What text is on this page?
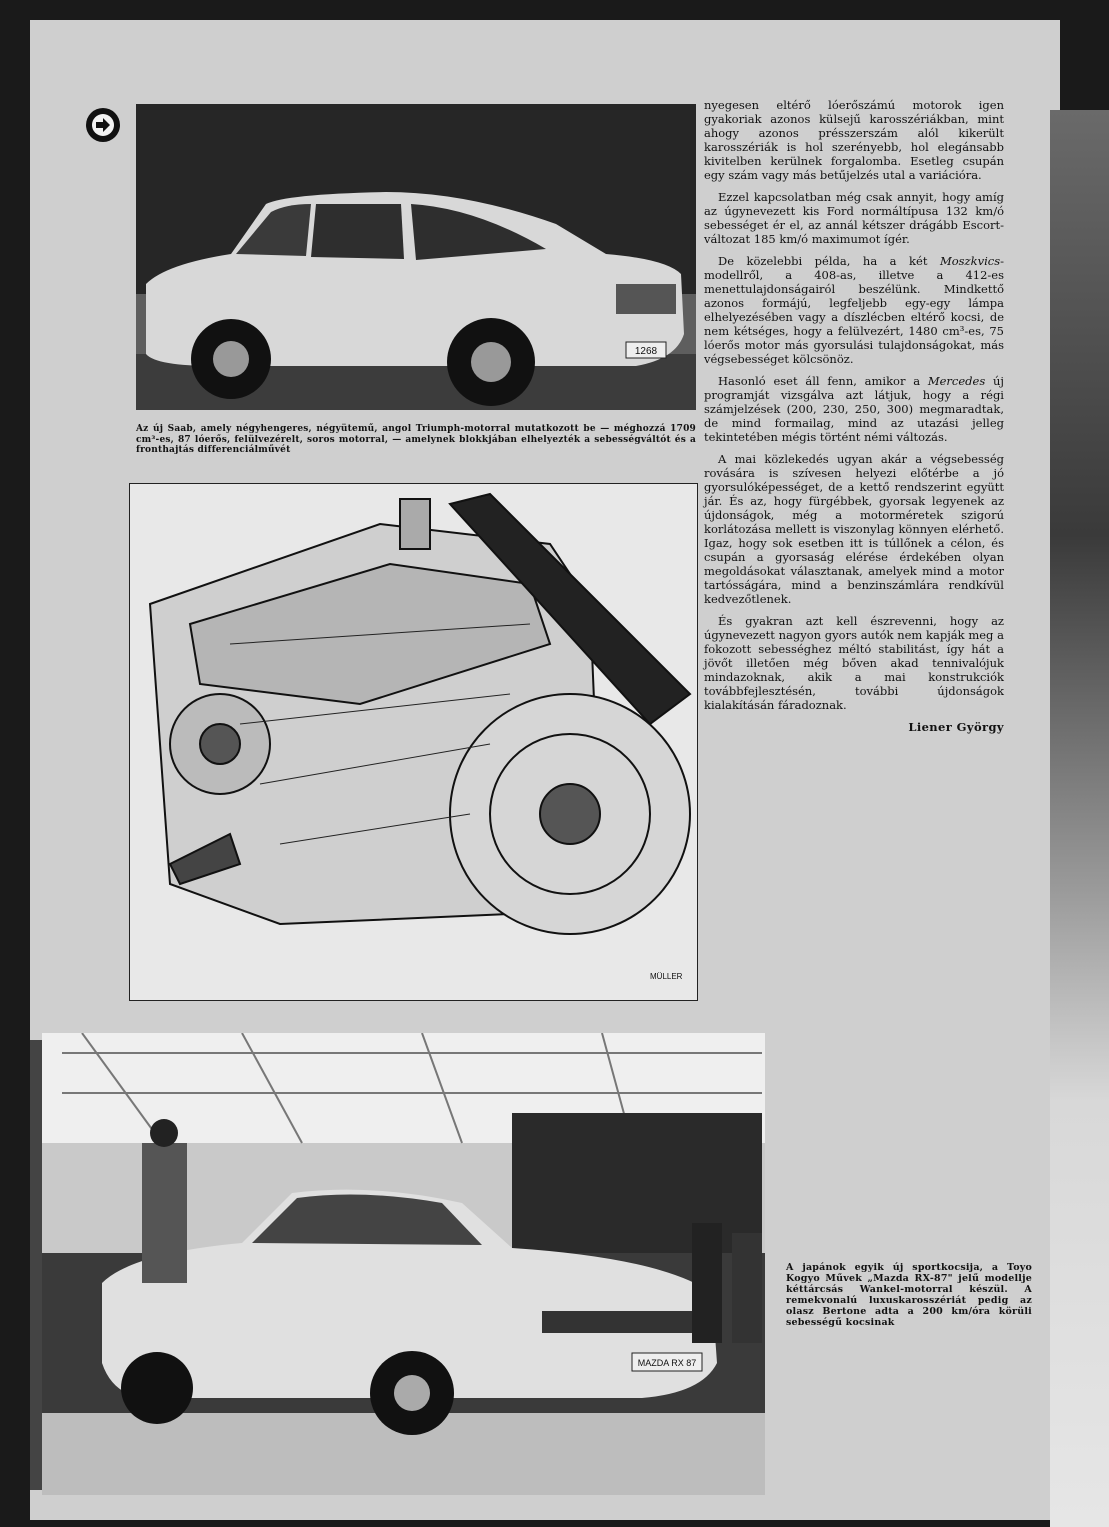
1268
Az új Saab, amely négyhengeres, négyütemű, angol Triumph-motorral mutatkozott be — méghozzá 1709 cm³-es, 87 lóerős, felülvezérelt, soros motorral, — amelynek blokkjában elhelyezték a sebességváltót és a fronthajtás differenciálművét
MÜLLER

nyegesen eltérő lóerőszámú motorok igen gyakoriak azonos külsejű karosszériákban, mint ahogy azonos présszerszám alól kikerült karosszériák is hol szerényebb, hol elegánsabb kivitelben kerülnek forgalomba. Esetleg csupán egy szám vagy más betűjelzés utal a variációra.

Ezzel kapcsolatban még csak annyit, hogy amíg az úgynevezett kis Ford normáltípusa 132 km/ó sebességet ér el, az annál kétszer drágább Escort-változat 185 km/ó maximumot ígér.

De közelebbi példa, ha a két Moszkvics-modellről, a 408-as, illetve a 412-es menettulajdonságairól beszélünk. Mindkettő azonos formájú, legfeljebb egy-egy lámpa elhelyezésében vagy a díszlécben eltérő kocsi, de nem kétséges, hogy a felülvezért, 1480 cm³-es, 75 lóerős motor más gyorsulási tulajdonságokat, más végsebességet kölcsönöz.

Hasonló eset áll fenn, amikor a Mercedes új programját vizsgálva azt látjuk, hogy a régi számjelzések (200, 230, 250, 300) megmaradtak, de mind formailag, mind az utazási jelleg tekintetében mégis történt némi változás.

A mai közlekedés ugyan akár a végsebesség rovására is szívesen helyezi előtérbe a jó gyorsulóképességet, de a kettő rendszerint együtt jár. És az, hogy fürgébbek, gyorsak legyenek az újdonságok, még a motorméretek szigorú korlátozása mellett is viszonylag könnyen elérhető. Igaz, hogy sok esetben itt is túllőnek a célon, és csupán a gyorsaság elérése érdekében olyan megoldásokat választanak, amelyek mind a motor tartósságára, mind a benzinszámlára rendkívül kedvezőtlenek.

És gyakran azt kell észrevenni, hogy az úgynevezett nagyon gyors autók nem kapják meg a fokozott sebességhez méltó stabilitást, így hát a jövőt illetően még bőven akad tennivalójuk mindazoknak, akik a mai konstrukciók továbbfejlesztésén, további újdonságok kialakításán fáradoznak.

Liener György

MAZDA RX 87
A japánok egyik új sportkocsija, a Toyo Kogyo Művek „Mazda RX-87" jelű modellje kéttárcsás Wankel-motorral készül. A remekvonalú luxuskarosszériát pedig az olasz Bertone adta a 200 km/óra körüli sebességű kocsinak
